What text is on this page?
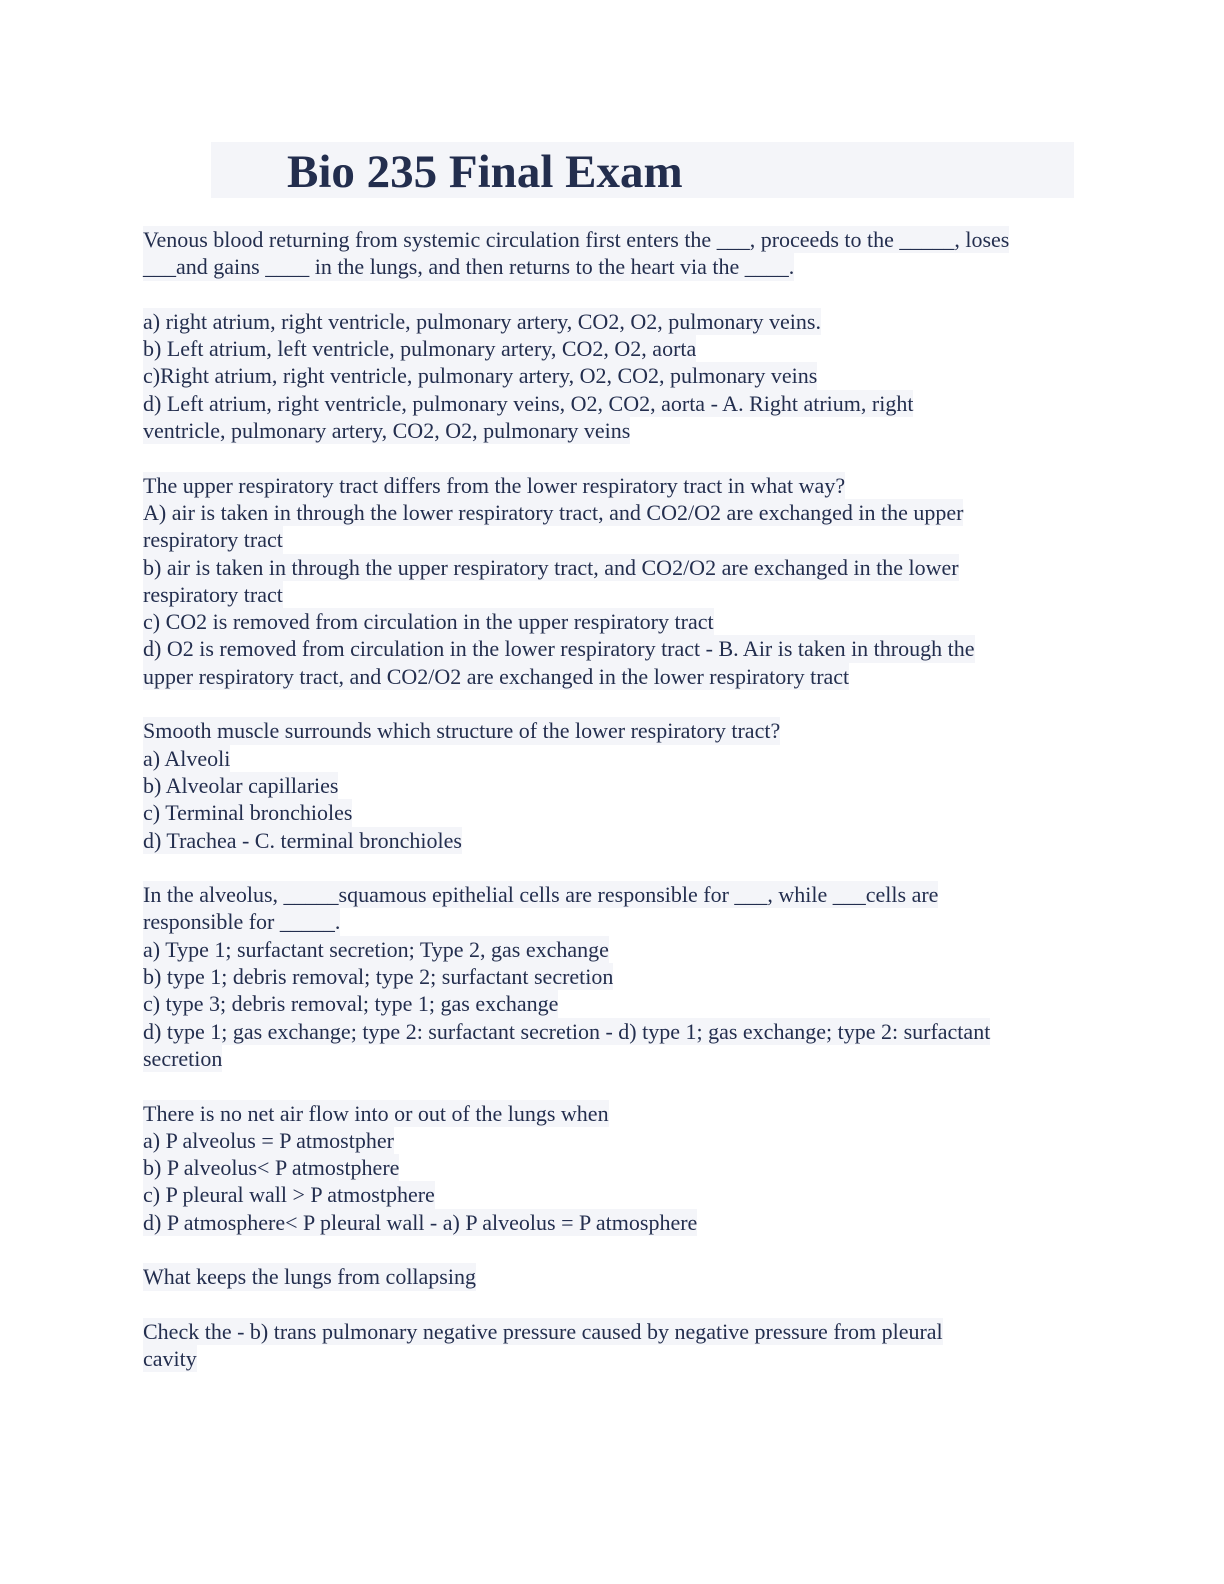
Bio 235 Final Exam
Venous blood returning from systemic circulation first enters the ___, proceeds to the _____, loses
___and gains ____ in the lungs, and then returns to the heart via the ____.
a) right atrium, right ventricle, pulmonary artery, CO2, O2, pulmonary veins.
b) Left atrium, left ventricle, pulmonary artery, CO2, O2, aorta
c)Right atrium, right ventricle, pulmonary artery, O2, CO2, pulmonary veins
d) Left atrium, right ventricle, pulmonary veins, O2, CO2, aorta - A. Right atrium, right
ventricle, pulmonary artery, CO2, O2, pulmonary veins
The upper respiratory tract differs from the lower respiratory tract in what way?
A) air is taken in through the lower respiratory tract, and CO2/O2 are exchanged in the upper
respiratory tract
b) air is taken in through the upper respiratory tract, and CO2/O2 are exchanged in the lower
respiratory tract
c) CO2 is removed from circulation in the upper respiratory tract
d) O2 is removed from circulation in the lower respiratory tract - B. Air is taken in through the
upper respiratory tract, and CO2/O2 are exchanged in the lower respiratory tract
Smooth muscle surrounds which structure of the lower respiratory tract?
a) Alveoli
b) Alveolar capillaries
c) Terminal bronchioles
d) Trachea - C. terminal bronchioles
In the alveolus, _____squamous epithelial cells are responsible for ___, while ___cells are
responsible for _____.
a) Type 1; surfactant secretion; Type 2, gas exchange
b) type 1; debris removal; type 2; surfactant secretion
c) type 3; debris removal; type 1; gas exchange
d) type 1; gas exchange; type 2: surfactant secretion - d) type 1; gas exchange; type 2: surfactant
secretion
There is no net air flow into or out of the lungs when
a) P alveolus = P atmostpher
b) P alveolus< P atmostphere
c) P pleural wall > P atmostphere
d) P atmosphere< P pleural wall - a) P alveolus = P atmosphere
What keeps the lungs from collapsing
Check the - b) trans pulmonary negative pressure caused by negative pressure from pleural
cavity
